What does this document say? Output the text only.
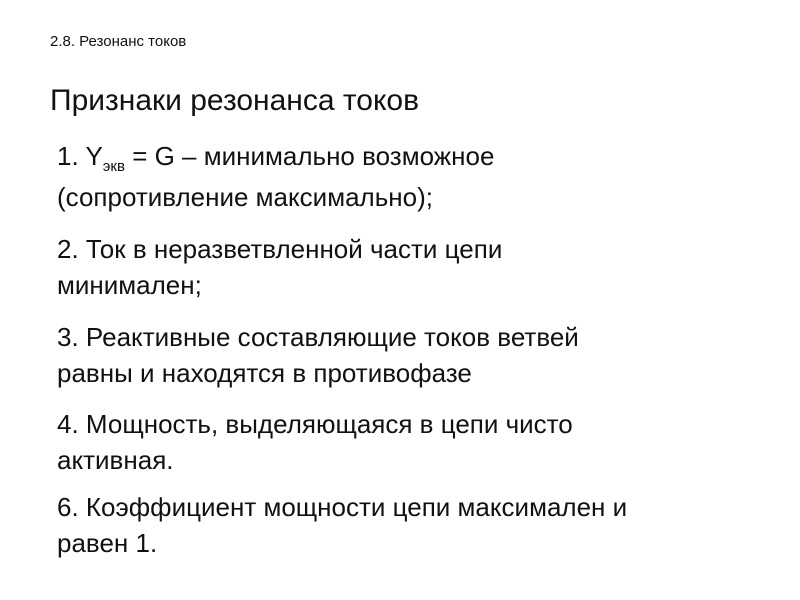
2.8. Резонанс токов
Признаки резонанса токов
1. $Y_{экв} = G$ – минимально возможное
(сопротивление максимально);
2. Ток в неразветвленной части цепи
минимален;
3. Реактивные составляющие токов ветвей
равны и находятся в противофазе
4. Мощность, выделяющаяся в цепи чисто
активная.
6. Коэффициент мощности цепи максимален и
равен 1.
